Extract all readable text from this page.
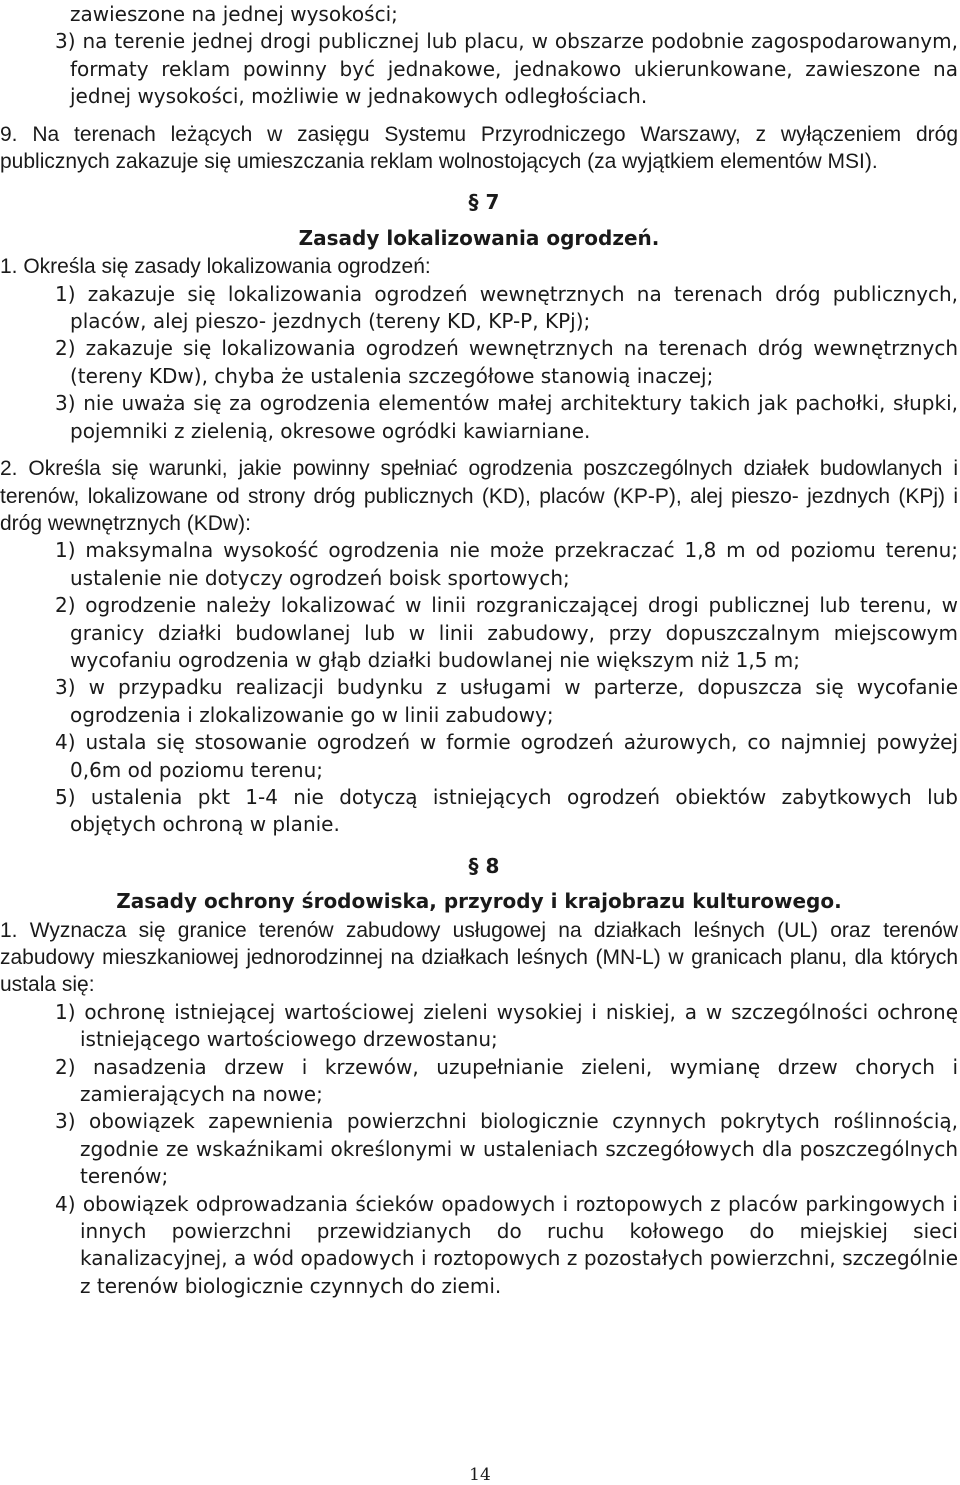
zawieszone na jednej wysokości;

3) na terenie jednej drogi publicznej lub placu, w obszarze podobnie zagospodarowanym, formaty reklam powinny być jednakowe, jednakowo ukierunkowane, zawieszone na jednej wysokości, możliwie w jednakowych odległościach.

9. Na terenach leżących w zasięgu Systemu Przyrodniczego Warszawy, z wyłączeniem dróg publicznych zakazuje się umieszczania reklam wolnostojących (za wyjątkiem elementów MSI).

§ 7

Zasady lokalizowania ogrodzeń.

1. Określa się zasady lokalizowania ogrodzeń:

1) zakazuje się lokalizowania ogrodzeń wewnętrznych na terenach dróg publicznych, placów, alej pieszo- jezdnych (tereny KD, KP-P, KPj);

2) zakazuje się lokalizowania ogrodzeń wewnętrznych na terenach dróg wewnętrznych (tereny KDw), chyba że ustalenia szczegółowe stanowią inaczej;

3) nie uważa się za ogrodzenia elementów małej architektury takich jak pachołki, słupki, pojemniki z zielenią, okresowe ogródki kawiarniane.

2. Określa się warunki, jakie powinny spełniać ogrodzenia poszczególnych działek budowlanych i terenów, lokalizowane od strony dróg publicznych (KD), placów (KP-P), alej pieszo- jezdnych (KPj) i dróg wewnętrznych (KDw):

1) maksymalna wysokość ogrodzenia nie może przekraczać 1,8 m od poziomu terenu; ustalenie nie dotyczy ogrodzeń boisk sportowych;

2) ogrodzenie należy lokalizować w linii rozgraniczającej drogi publicznej lub terenu, w granicy działki budowlanej lub w linii zabudowy, przy dopuszczalnym miejscowym wycofaniu ogrodzenia w głąb działki budowlanej nie większym niż 1,5 m;

3) w przypadku realizacji budynku z usługami w parterze, dopuszcza się wycofanie ogrodzenia i zlokalizowanie go w linii zabudowy;

4) ustala się stosowanie ogrodzeń w formie ogrodzeń ażurowych, co najmniej powyżej 0,6m od poziomu terenu;

5) ustalenia pkt 1-4 nie dotyczą istniejących ogrodzeń obiektów zabytkowych lub objętych ochroną w planie.

§ 8

Zasady ochrony środowiska, przyrody i krajobrazu kulturowego.

1. Wyznacza się granice terenów zabudowy usługowej na działkach leśnych (UL) oraz terenów zabudowy mieszkaniowej jednorodzinnej na działkach leśnych (MN-L) w granicach planu, dla których ustala się:

1) ochronę istniejącej wartościowej zieleni wysokiej i niskiej, a w szczególności ochronę istniejącego wartościowego drzewostanu;

2) nasadzenia drzew i krzewów, uzupełnianie zieleni, wymianę drzew chorych i zamierających na nowe;

3) obowiązek zapewnienia powierzchni biologicznie czynnych pokrytych roślinnością, zgodnie ze wskaźnikami określonymi w ustaleniach szczegółowych dla poszczególnych terenów;

4) obowiązek odprowadzania ścieków opadowych i roztopowych z placów parkingowych i innych powierzchni przewidzianych do ruchu kołowego do miejskiej sieci kanalizacyjnej, a wód opadowych i roztopowych z pozostałych powierzchni, szczególnie z terenów biologicznie czynnych do ziemi.

14
